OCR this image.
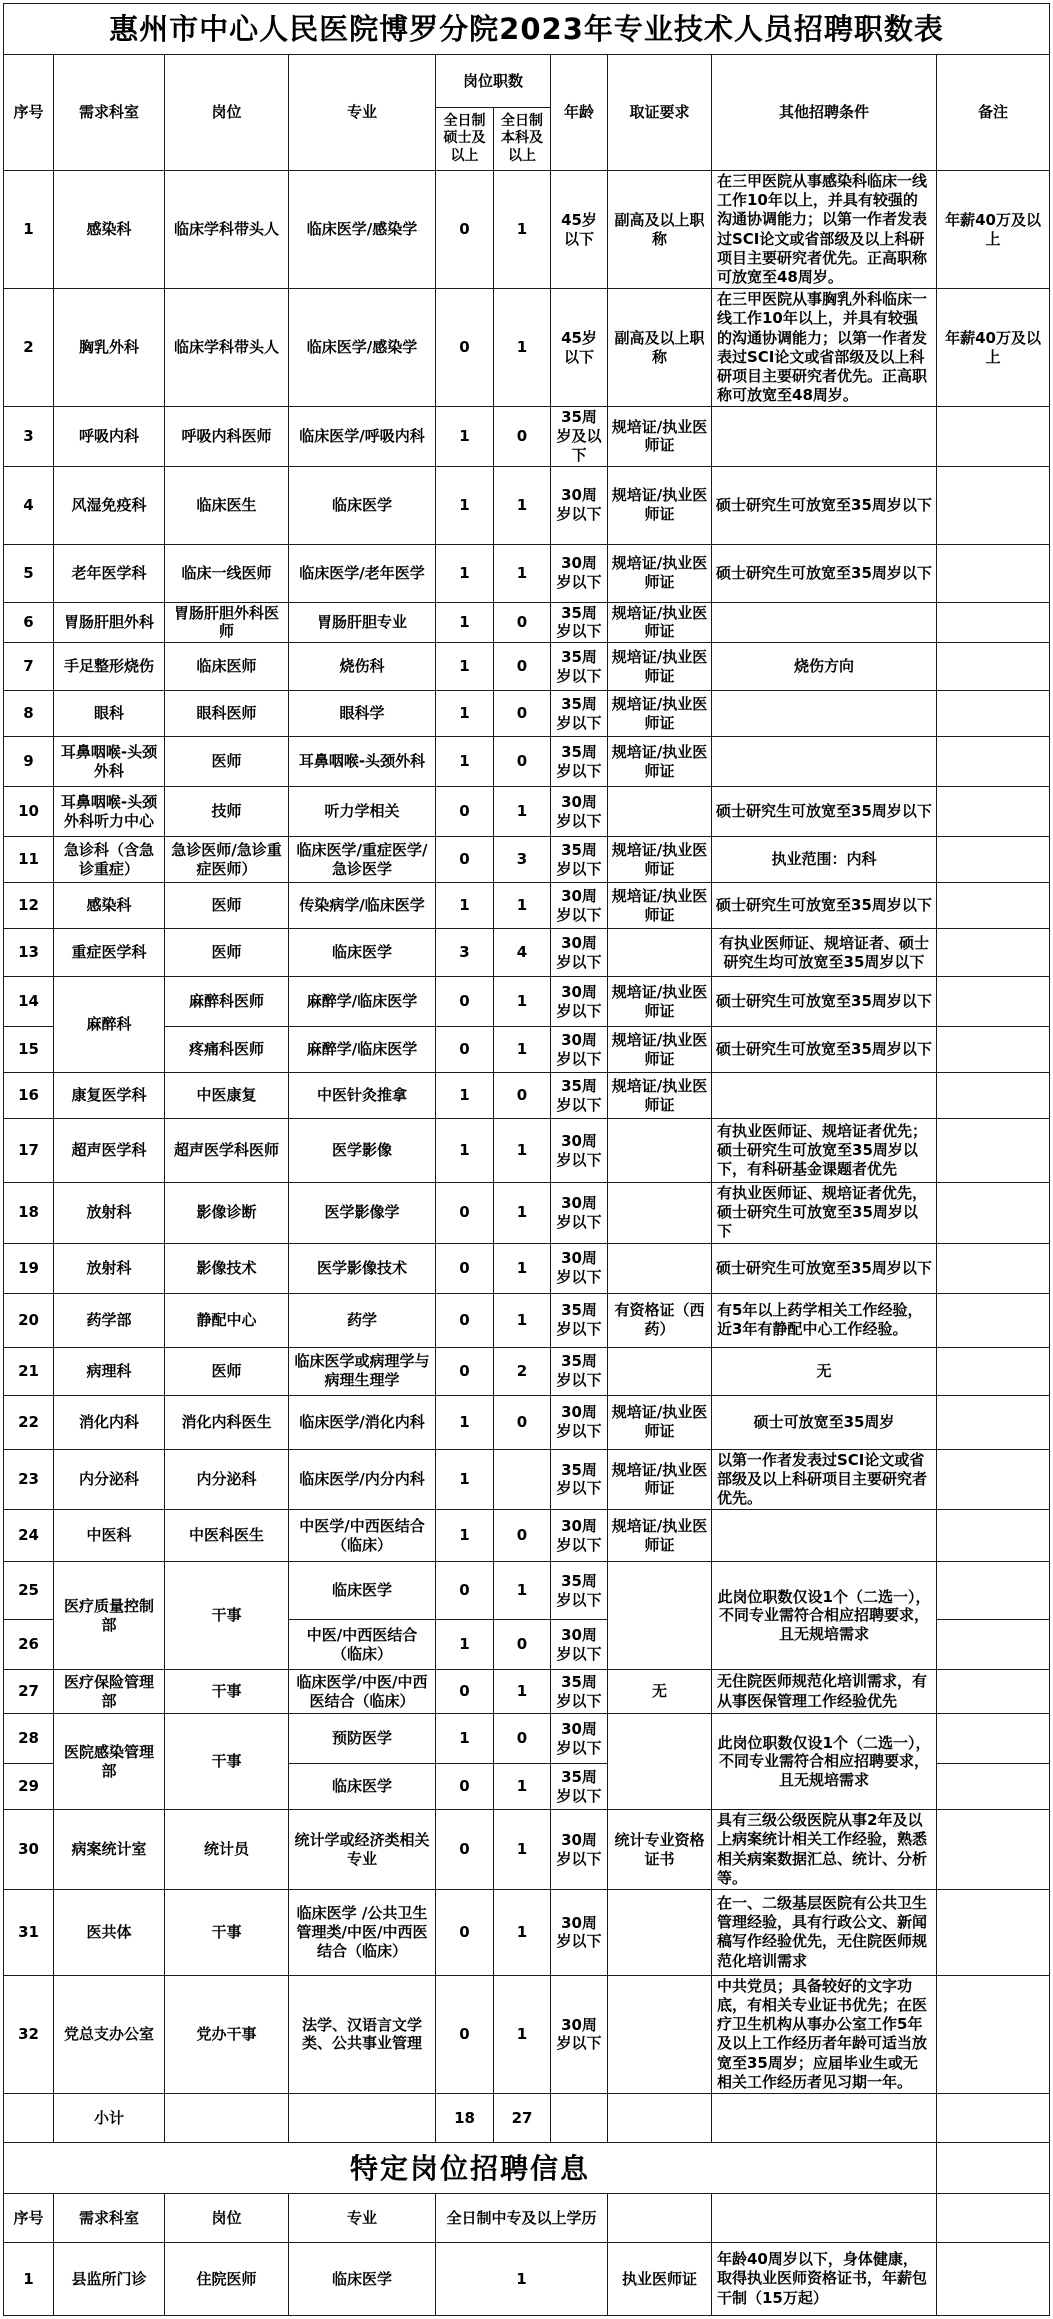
惠州市中心人民医院博罗分院2023年专业技术人员招聘职数表									
序号	需求科室	岗位	专业	岗位职数		年龄	取证要求	其他招聘条件	备注
				全日制硕士及以上	全日制本科及以上				
1	感染科	临床学科带头人	临床医学/感染学	0	1	45岁以下	副高及以上职称	在三甲医院从事感染科临床一线工作10年以上，并具有较强的沟通协调能力；以第一作者发表过SCI论文或省部级及以上科研项目主要研究者优先。正高职称可放宽至48周岁。	年薪40万及以上
2	胸乳外科	临床学科带头人	临床医学/感染学	0	1	45岁以下	副高及以上职称	在三甲医院从事胸乳外科临床一线工作10年以上，并具有较强的沟通协调能力；以第一作者发表过SCI论文或省部级及以上科研项目主要研究者优先。正高职称可放宽至48周岁。	年薪40万及以上
3	呼吸内科	呼吸内科医师	临床医学/呼吸内科	1	0	35周岁及以下	规培证/执业医师证		
4	风湿免疫科	临床医生	临床医学	1	1	30周岁以下	规培证/执业医师证	硕士研究生可放宽至35周岁以下	
5	老年医学科	临床一线医师	临床医学/老年医学	1	1	30周岁以下	规培证/执业医师证	硕士研究生可放宽至35周岁以下	
6	胃肠肝胆外科	胃肠肝胆外科医师	胃肠肝胆专业	1	0	35周岁以下	规培证/执业医师证		
7	手足整形烧伤	临床医师	烧伤科	1	0	35周岁以下	规培证/执业医师证	烧伤方向	
8	眼科	眼科医师	眼科学	1	0	35周岁以下	规培证/执业医师证		
9	耳鼻咽喉-头颈外科	医师	耳鼻咽喉-头颈外科	1	0	35周岁以下	规培证/执业医师证		
10	耳鼻咽喉-头颈外科听力中心	技师	听力学相关	0	1	30周岁以下		硕士研究生可放宽至35周岁以下	
11	急诊科（含急诊重症）	急诊医师/急诊重症医师）	临床医学/重症医学/急诊医学	0	3	35周岁以下	规培证/执业医师证	执业范围：内科	
12	感染科	医师	传染病学/临床医学	1	1	30周岁以下	规培证/执业医师证	硕士研究生可放宽至35周岁以下	
13	重症医学科	医师	临床医学	3	4	30周岁以下		有执业医师证、规培证者、硕士研究生均可放宽至35周岁以下	
14	麻醉科	麻醉科医师	麻醉学/临床医学	0	1	30周岁以下	规培证/执业医师证	硕士研究生可放宽至35周岁以下	
15		疼痛科医师	麻醉学/临床医学	0	1	30周岁以下	规培证/执业医师证	硕士研究生可放宽至35周岁以下	
16	康复医学科	中医康复	中医针灸推拿	1	0	35周岁以下	规培证/执业医师证		
17	超声医学科	超声医学科医师	医学影像	1	1	30周岁以下		有执业医师证、规培证者优先；硕士研究生可放宽至35周岁以下，有科研基金课题者优先	
18	放射科	影像诊断	医学影像学	0	1	30周岁以下		有执业医师证、规培证者优先，硕士研究生可放宽至35周岁以下	
19	放射科	影像技术	医学影像技术	0	1	30周岁以下		硕士研究生可放宽至35周岁以下	
20	药学部	静配中心	药学	0	1	35周岁以下	有资格证（西药）	有5年以上药学相关工作经验，近3年有静配中心工作经验。	
21	病理科	医师	临床医学或病理学与病理生理学	0	2	35周岁以下		无	
22	消化内科	消化内科医生	临床医学/消化内科	1	0	30周岁以下	规培证/执业医师证	硕士可放宽至35周岁	
23	内分泌科	内分泌科	临床医学/内分内科	1		35周岁以下	规培证/执业医师证	以第一作者发表过SCI论文或省部级及以上科研项目主要研究者优先。	
24	中医科	中医科医生	中医学/中西医结合（临床）	1	0	30周岁以下	规培证/执业医师证		
25	医疗质量控制部	干事	临床医学	0	1	35周岁以下		此岗位职数仅设1个（二选一），不同专业需符合相应招聘要求，且无规培需求	
26			中医/中西医结合（临床）	1	0	30周岁以下			
27	医疗保险管理部	干事	临床医学/中医/中西医结合（临床）	0	1	35周岁以下	无	无住院医师规范化培训需求，有从事医保管理工作经验优先	
28	医院感染管理部	干事	预防医学	1	0	30周岁以下		此岗位职数仅设1个（二选一），不同专业需符合相应招聘要求，且无规培需求	
29			临床医学	0	1	35周岁以下			
30	病案统计室	统计员	统计学或经济类相关专业	0	1	30周岁以下	统计专业资格证书	具有三级公级医院从事2年及以上病案统计相关工作经验，熟悉相关病案数据汇总、统计、分析等。	
31	医共体	干事	临床医学 /公共卫生管理类/中医/中西医结合（临床）	0	1	30周岁以下		在一、二级基层医院有公共卫生管理经验，具有行政公文、新闻稿写作经验优先，无住院医师规范化培训需求	
32	党总支办公室	党办干事	法学、汉语言文学类、公共事业管理	0	1	30周岁以下		中共党员；具备较好的文字功底，有相关专业证书优先；在医疗卫生机构从事办公室工作5年及以上工作经历者年龄可适当放宽至35周岁；应届毕业生或无相关工作经历者见习期一年。	
	小计			18	27				
特定岗位招聘信息									
序号	需求科室	岗位	专业	全日制中专及以上学历					
1	县监所门诊	住院医师	临床医学	1			执业医师证	年龄40周岁以下，身体健康，取得执业医师资格证书，年薪包干制（15万起）	
